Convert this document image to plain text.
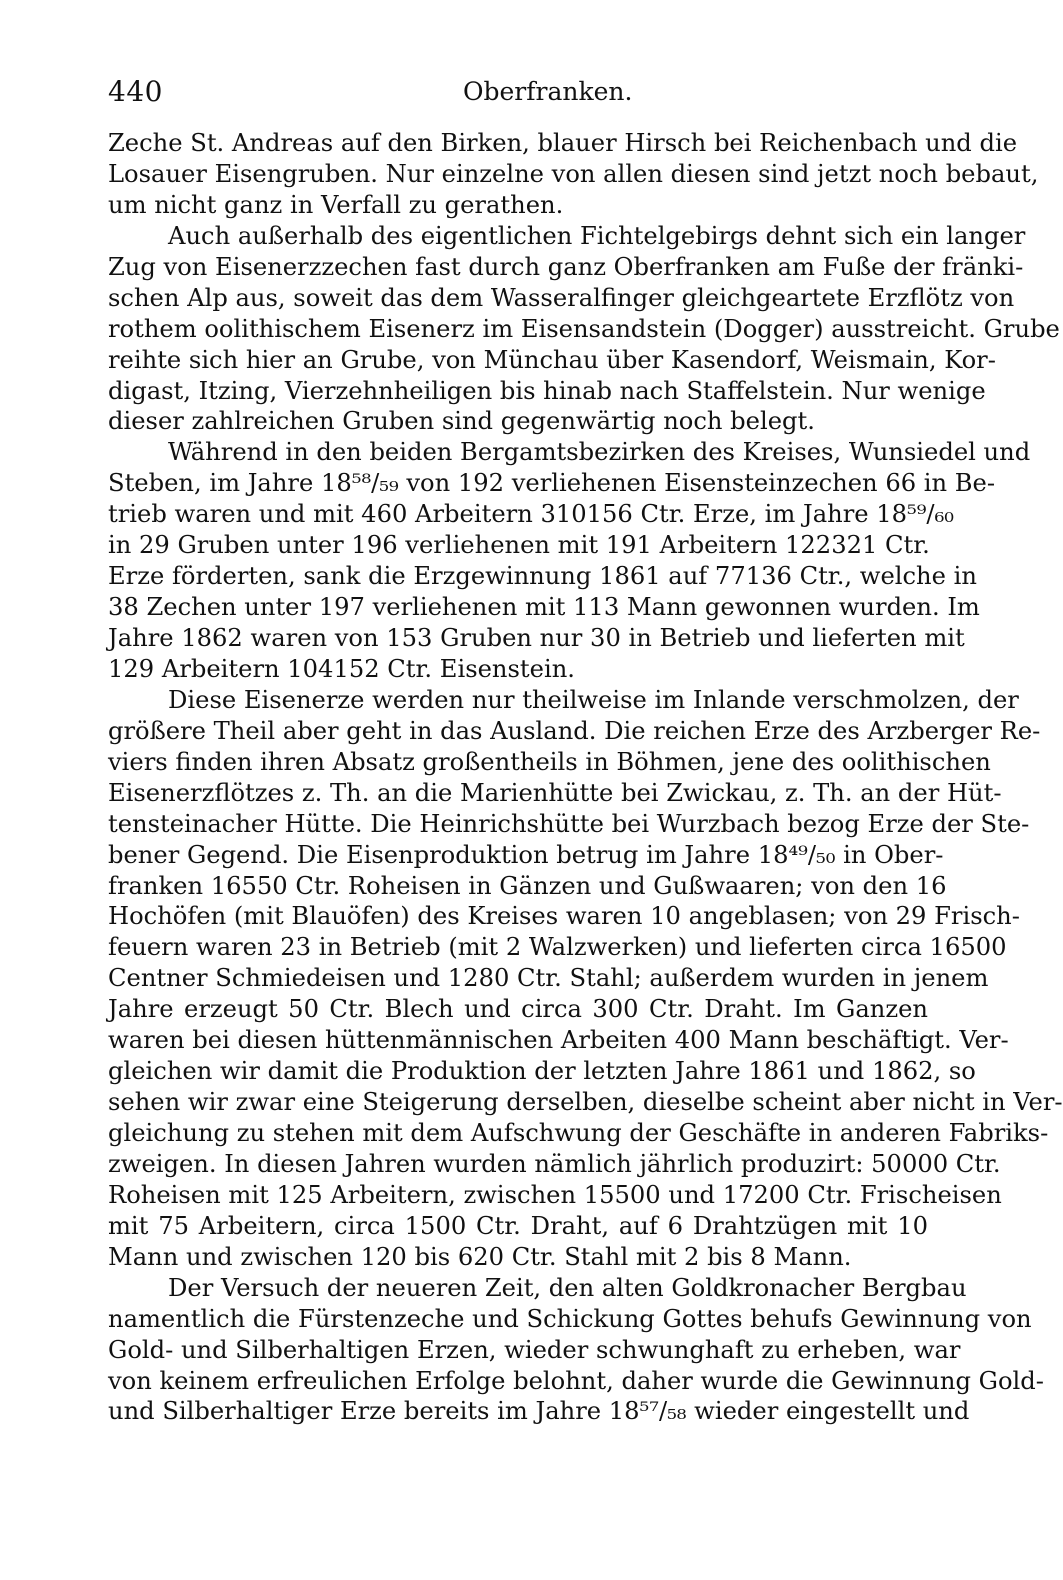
440	Oberfranken.
Zeche St. Andreas auf den Birken, blauer Hirsch bei Reichenbach und die
Losauer Eisengruben. Nur einzelne von allen diesen sind jetzt noch bebaut,
um nicht ganz in Verfall zu gerathen.
Auch außerhalb des eigentlichen Fichtelgebirgs dehnt sich ein langer
Zug von Eisenerzzechen fast durch ganz Oberfranken am Fuße der fränki-
schen Alp aus, soweit das dem Wasseralfinger gleichgeartete Erzflötz von
rothem oolithischem Eisenerz im Eisensandstein (Dogger) ausstreicht. Grube
reihte sich hier an Grube, von Münchau über Kasendorf, Weismain, Kor-
digast, Itzing, Vierzehnheiligen bis hinab nach Staffelstein. Nur wenige
dieser zahlreichen Gruben sind gegenwärtig noch belegt.
Während in den beiden Bergamtsbezirken des Kreises, Wunsiedel und
Steben, im Jahre 18⁵⁸/₅₉ von 192 verliehenen Eisensteinzechen 66 in Be-
trieb waren und mit 460 Arbeitern 310156 Ctr. Erze, im Jahre 18⁵⁹/₆₀
in 29 Gruben unter 196 verliehenen mit 191 Arbeitern 122321 Ctr.
Erze förderten, sank die Erzgewinnung 1861 auf 77136 Ctr., welche in
38 Zechen unter 197 verliehenen mit 113 Mann gewonnen wurden. Im
Jahre 1862 waren von 153 Gruben nur 30 in Betrieb und lieferten mit
129 Arbeitern 104152 Ctr. Eisenstein.
Diese Eisenerze werden nur theilweise im Inlande verschmolzen, der
größere Theil aber geht in das Ausland. Die reichen Erze des Arzberger Re-
viers finden ihren Absatz großentheils in Böhmen, jene des oolithischen
Eisenerzflötzes z. Th. an die Marienhütte bei Zwickau, z. Th. an der Hüt-
tensteinacher Hütte. Die Heinrichshütte bei Wurzbach bezog Erze der Ste-
bener Gegend. Die Eisenproduktion betrug im Jahre 18⁴⁹/₅₀ in Ober-
franken 16550 Ctr. Roheisen in Gänzen und Gußwaaren; von den 16
Hochöfen (mit Blauöfen) des Kreises waren 10 angeblasen; von 29 Frisch-
feuern waren 23 in Betrieb (mit 2 Walzwerken) und lieferten circa 16500
Centner Schmiedeisen und 1280 Ctr. Stahl; außerdem wurden in jenem
Jahre erzeugt 50 Ctr. Blech und circa 300 Ctr. Draht. Im Ganzen
waren bei diesen hüttenmännischen Arbeiten 400 Mann beschäftigt. Ver-
gleichen wir damit die Produktion der letzten Jahre 1861 und 1862, so
sehen wir zwar eine Steigerung derselben, dieselbe scheint aber nicht in Ver-
gleichung zu stehen mit dem Aufschwung der Geschäfte in anderen Fabriks-
zweigen. In diesen Jahren wurden nämlich jährlich produzirt: 50000 Ctr.
Roheisen mit 125 Arbeitern, zwischen 15500 und 17200 Ctr. Frischeisen
mit 75 Arbeitern, circa 1500 Ctr. Draht, auf 6 Drahtzügen mit 10
Mann und zwischen 120 bis 620 Ctr. Stahl mit 2 bis 8 Mann.
Der Versuch der neueren Zeit, den alten Goldkronacher Bergbau
namentlich die Fürstenzeche und Schickung Gottes behufs Gewinnung von
Gold- und Silberhaltigen Erzen, wieder schwunghaft zu erheben, war
von keinem erfreulichen Erfolge belohnt, daher wurde die Gewinnung Gold-
und Silberhaltiger Erze bereits im Jahre 18⁵⁷/₅₈ wieder eingestellt und
